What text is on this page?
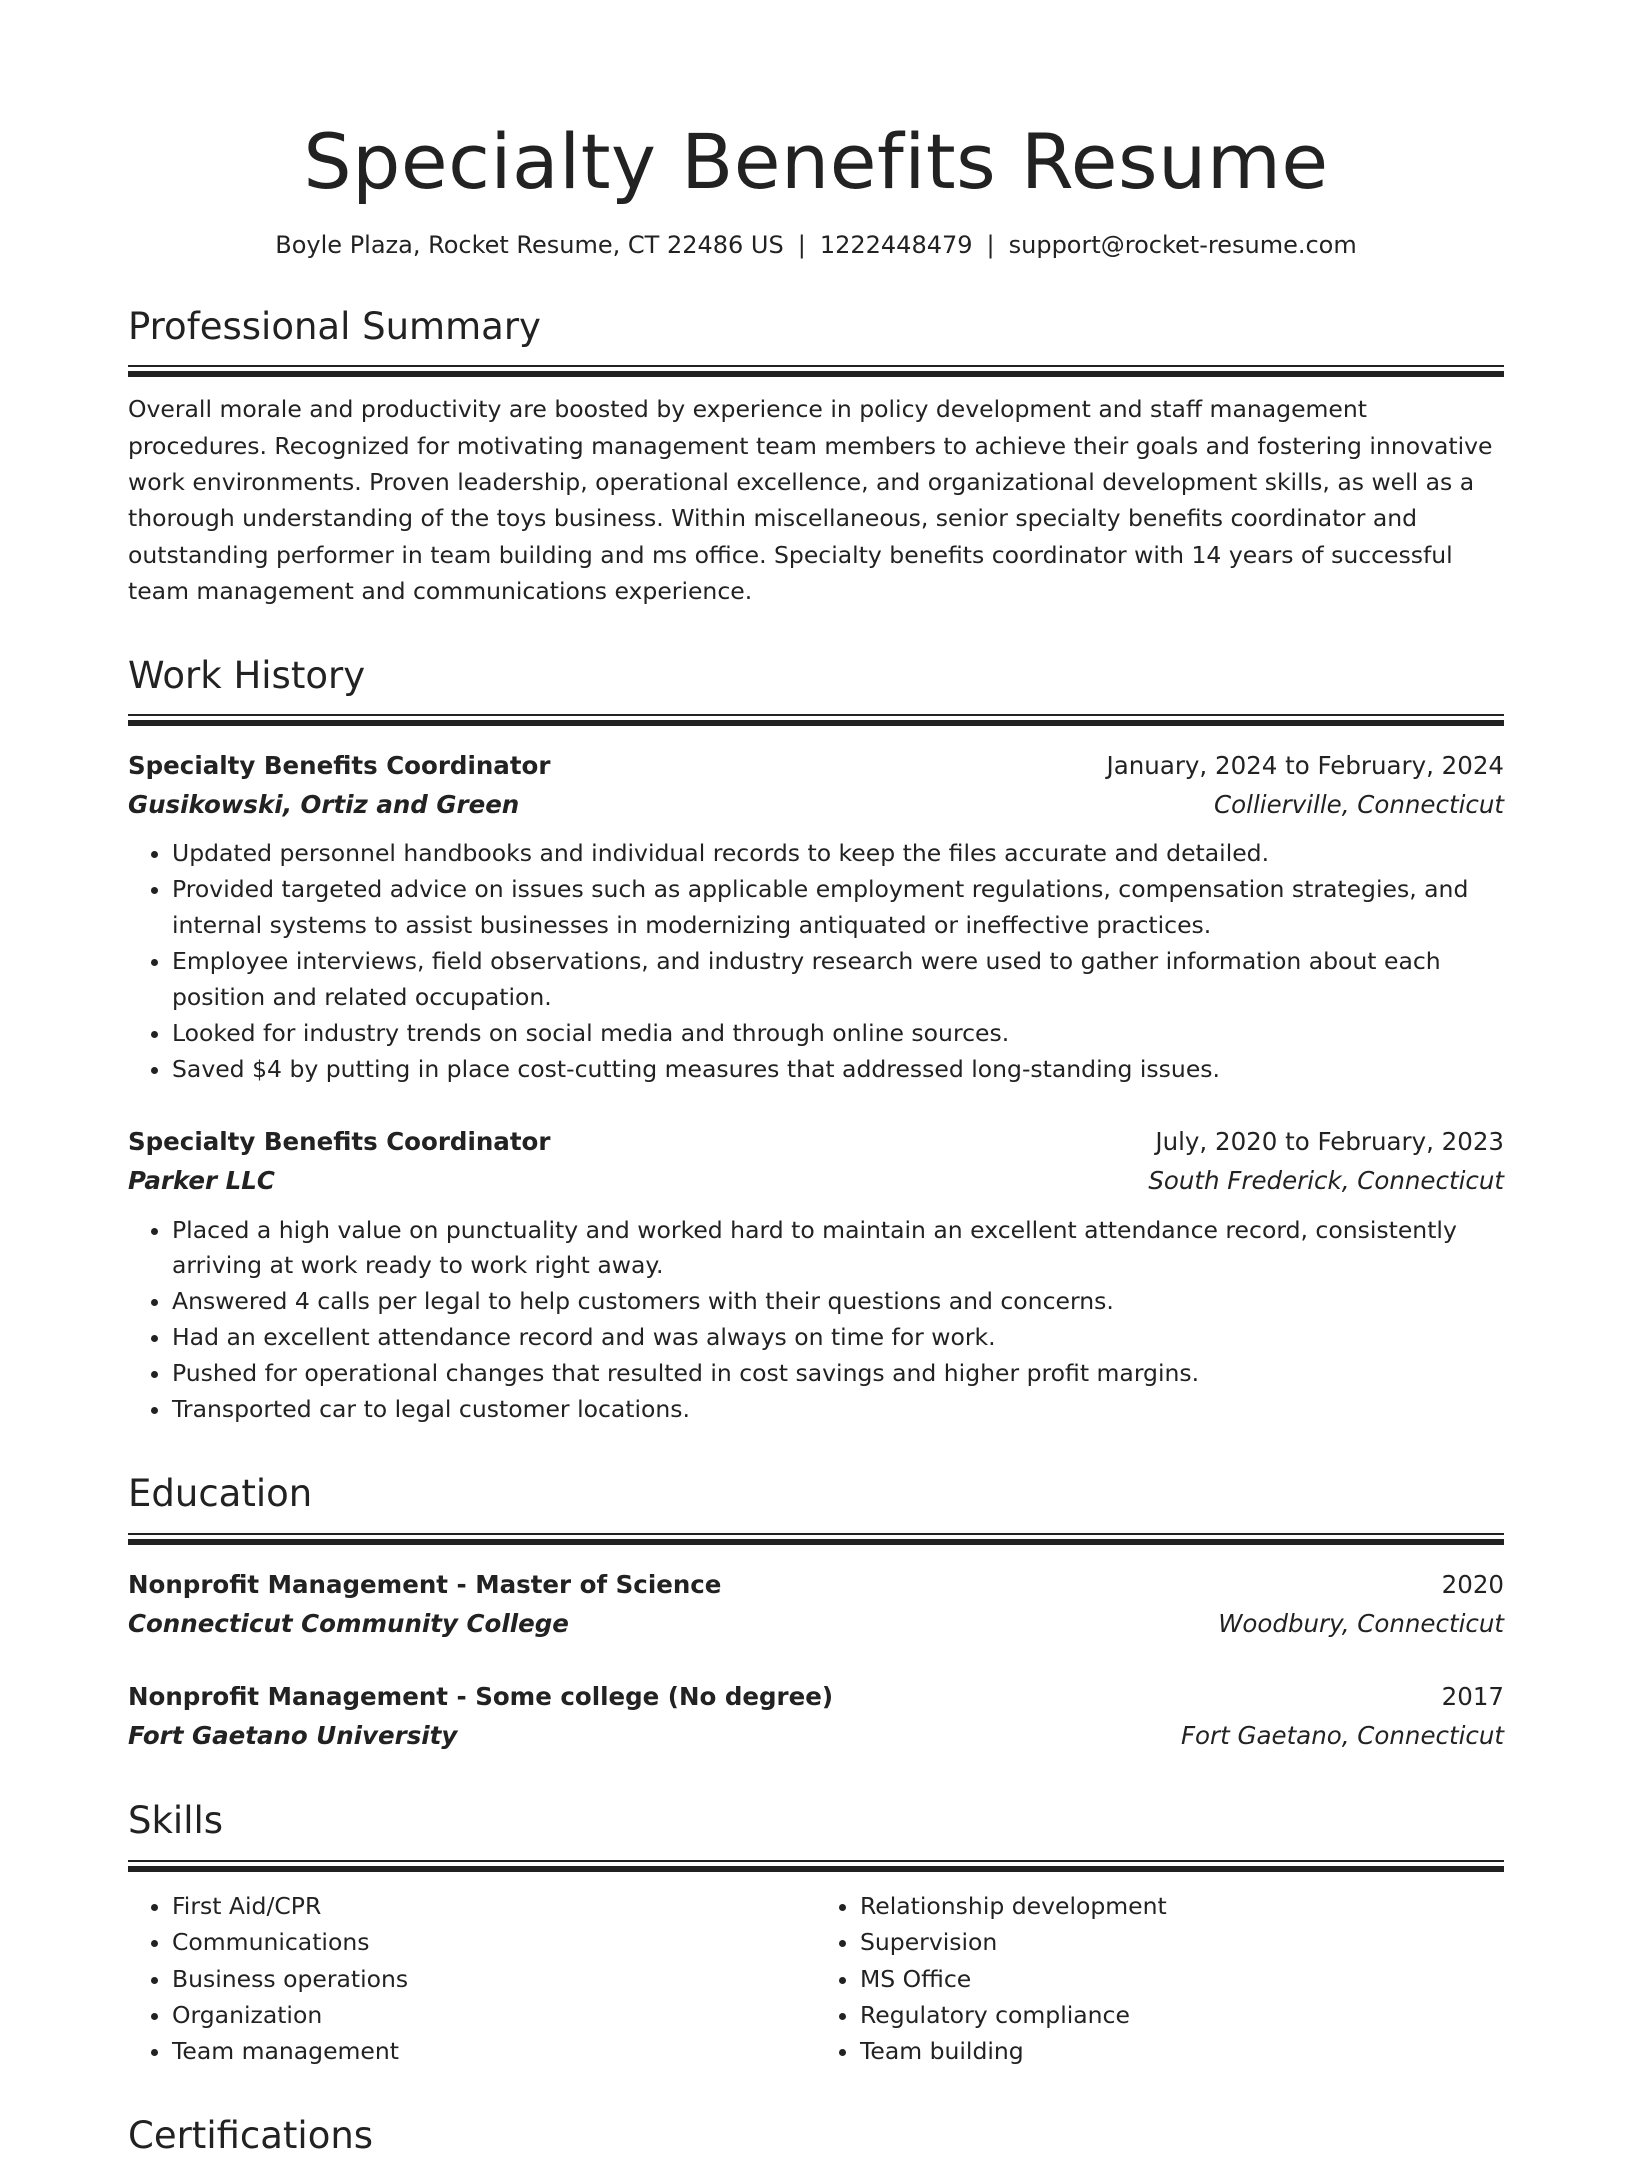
Specialty Benefits Resume
Boyle Plaza, Rocket Resume, CT 22486 US | 1222448479 | support@rocket-resume.com
Professional Summary

Overall morale and productivity are boosted by experience in policy development and staff management procedures. Recognized for motivating management team members to achieve their goals and fostering innovative work environments. Proven leadership, operational excellence, and organizational development skills, as well as a thorough understanding of the toys business. Within miscellaneous, senior specialty benefits coordinator and outstanding performer in team building and ms office. Specialty benefits coordinator with 14 years of successful team management and communications experience.

Work History
Specialty Benefits Coordinator	January, 2024 to February, 2024
Gusikowski, Ortiz and Green	Collierville, Connecticut
• Updated personnel handbooks and individual records to keep the files accurate and detailed.
• Provided targeted advice on issues such as applicable employment regulations, compensation strategies, and internal systems to assist businesses in modernizing antiquated or ineffective practices.
• Employee interviews, field observations, and industry research were used to gather information about each position and related occupation.
• Looked for industry trends on social media and through online sources.
• Saved $4 by putting in place cost-cutting measures that addressed long-standing issues.
Specialty Benefits Coordinator	July, 2020 to February, 2023
Parker LLC	South Frederick, Connecticut
• Placed a high value on punctuality and worked hard to maintain an excellent attendance record, consistently arriving at work ready to work right away.
• Answered 4 calls per legal to help customers with their questions and concerns.
• Had an excellent attendance record and was always on time for work.
• Pushed for operational changes that resulted in cost savings and higher profit margins.
• Transported car to legal customer locations.
Education
Nonprofit Management - Master of Science	2020
Connecticut Community College	Woodbury, Connecticut
Nonprofit Management - Some college (No degree)	2017
Fort Gaetano University	Fort Gaetano, Connecticut
Skills
• First Aid/CPR
• Communications
• Business operations
• Organization
• Team management
• Relationship development
• Supervision
• MS Office
• Regulatory compliance
• Team building
Certifications
